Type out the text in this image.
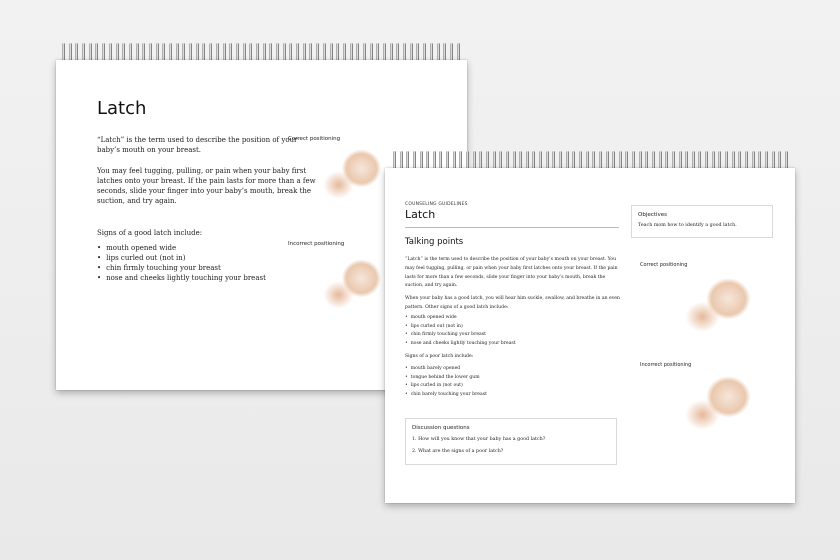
Latch

“Latch” is the term used to describe the position of your baby’s mouth on your breast.

You may feel tugging, pulling, or pain when your baby first latches onto your breast. If the pain lasts for more than a few seconds, slide your finger into your baby’s mouth, break the suction, and try again.

Signs of a good latch include:

• mouth opened wide
• lips curled out (not in)
• chin firmly touching your breast
• nose and cheeks lightly touching your breast
Correct positioning
Incorrect positioning
COUNSELING GUIDELINES
Latch
Talking points

“Latch” is the term used to describe the position of your baby’s mouth on your breast. You may feel tugging, pulling, or pain when your baby first latches onto your breast. If the pain lasts for more than a few seconds, slide your finger into your baby’s mouth, break the suction, and try again.

When your baby has a good latch, you will hear him suckle, swallow, and breathe in an even pattern. Other signs of a good latch include:

• mouth opened wide
• lips curled out (not in)
• chin firmly touching your breast
• nose and cheeks lightly touching your breast

Signs of a poor latch include:

• mouth barely opened
• tongue behind the lower gum
• lips curled in (not out)
• chin barely touching your breast
Discussion questions
1. How will you know that your baby has a good latch?
2. What are the signs of a poor latch?
Objectives
Teach mom how to identify a good latch.
Correct positioning
Incorrect positioning
